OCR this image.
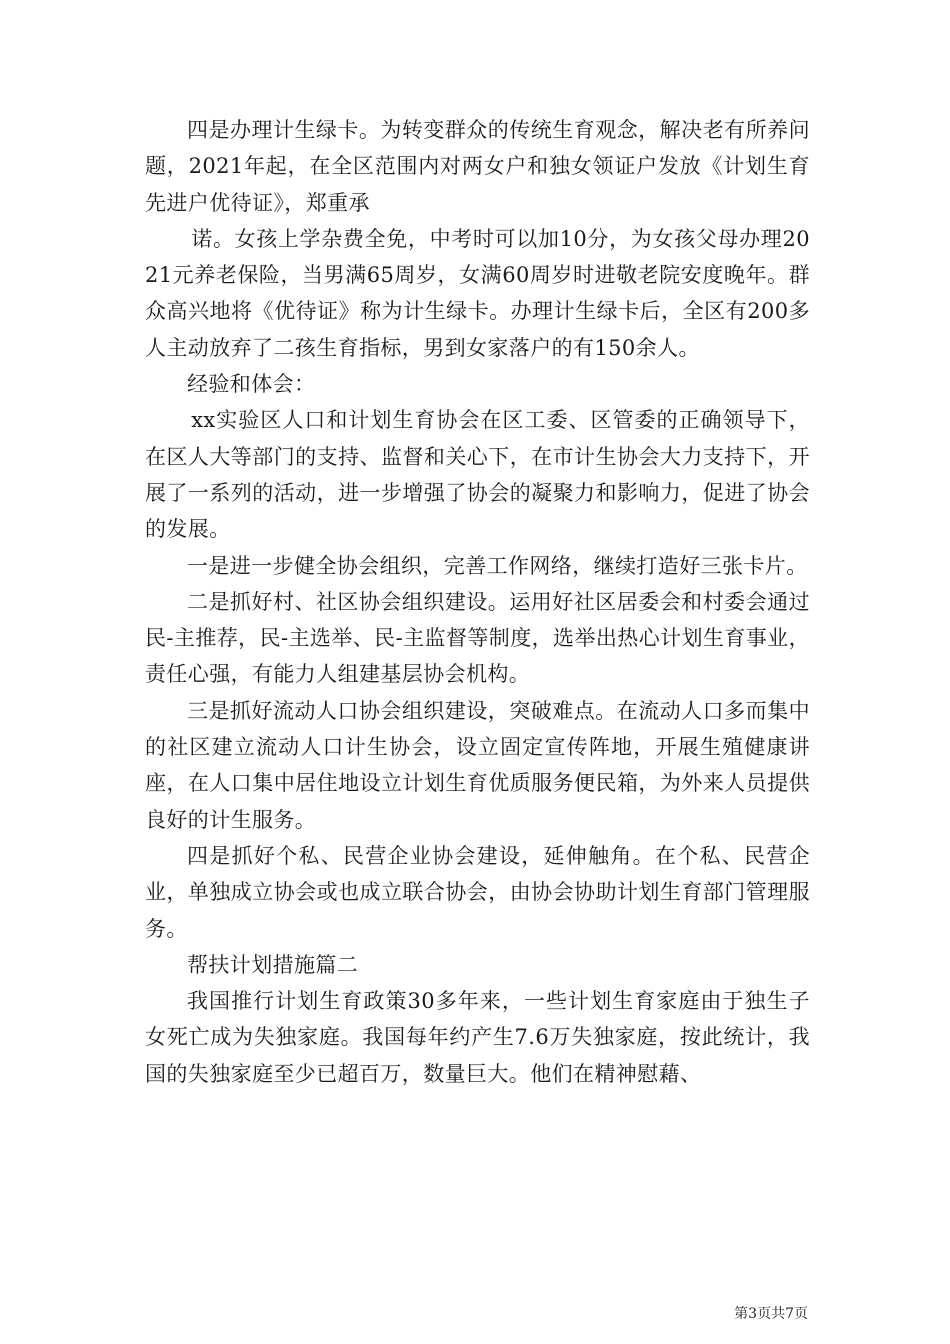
四是办理计生绿卡。为转变群众的传统生育观念，解决老有所养问题，2021年起，在全区范围内对两女户和独女领证户发放《计划生育先进户优待证》，郑重承

诺。女孩上学杂费全免，中考时可以加10分，为女孩父母办理2021元养老保险，当男满65周岁，女满60周岁时进敬老院安度晚年。群众高兴地将《优待证》称为计生绿卡。办理计生绿卡后，全区有200多人主动放弃了二孩生育指标，男到女家落户的有150余人。

经验和体会：

xx实验区人口和计划生育协会在区工委、区管委的正确领导下，在区人大等部门的支持、监督和关心下，在市计生协会大力支持下，开展了一系列的活动，进一步增强了协会的凝聚力和影响力，促进了协会的发展。

一是进一步健全协会组织，完善工作网络，继续打造好三张卡片。

二是抓好村、社区协会组织建设。运用好社区居委会和村委会通过民-主推荐，民-主选举、民-主监督等制度，选举出热心计划生育事业，责任心强，有能力人组建基层协会机构。

三是抓好流动人口协会组织建设，突破难点。在流动人口多而集中的社区建立流动人口计生协会，设立固定宣传阵地，开展生殖健康讲座，在人口集中居住地设立计划生育优质服务便民箱，为外来人员提供良好的计生服务。

四是抓好个私、民营企业协会建设，延伸触角。在个私、民营企业，单独成立协会或也成立联合协会，由协会协助计划生育部门管理服务。

帮扶计划措施篇二

我国推行计划生育政策30多年来，一些计划生育家庭由于独生子女死亡成为失独家庭。我国每年约产生7.6万失独家庭，按此统计，我国的失独家庭至少已超百万，数量巨大。他们在精神慰藉、

第3页共7页
